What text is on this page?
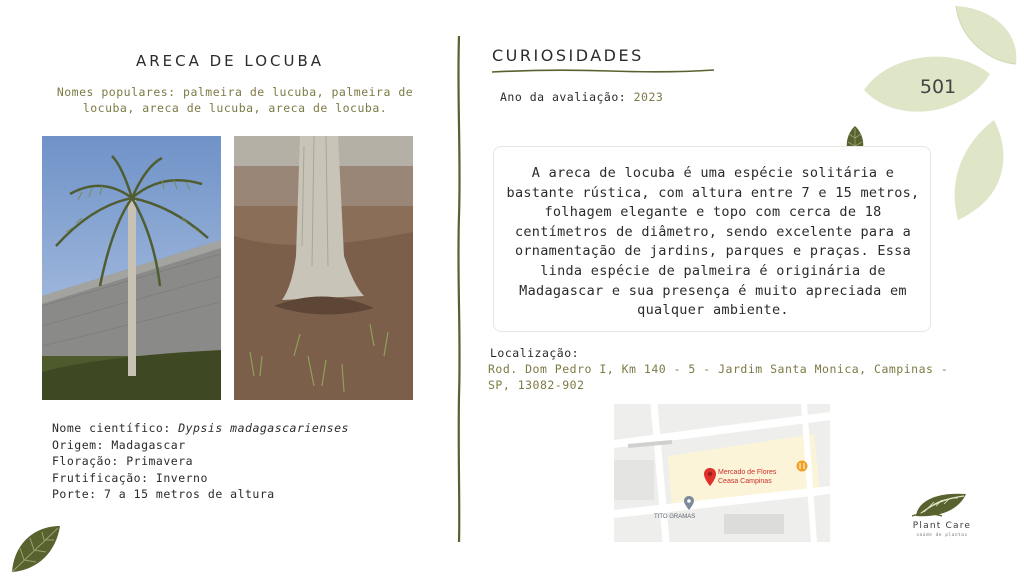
501
ARECA DE LOCUBA
Nomes populares: palmeira de lucuba, palmeira de locuba, areca de lucuba, areca de locuba.
Nome científico: Dypsis madagascarienses
Origem: Madagascar
Floração: Primavera
Frutificação: Inverno
Porte: 7 a 15 metros de altura
CURIOSIDADES
Ano da avaliação: 2023
A areca de locuba é uma espécie solitária e bastante rústica, com altura entre 7 e 15 metros, folhagem elegante e topo com cerca de 18 centímetros de diâmetro, sendo excelente para a ornamentação de jardins, parques e praças. Essa linda espécie de palmeira é originária de Madagascar e sua presença é muito apreciada em qualquer ambiente.
Localização:
Rod. Dom Pedro I, Km 140 - 5 - Jardim Santa Monica, Campinas - SP, 13082-902
Mercado de Flores
Ceasa Campinas
TITO GRAMAS
Plant Care
saúde de plantas
